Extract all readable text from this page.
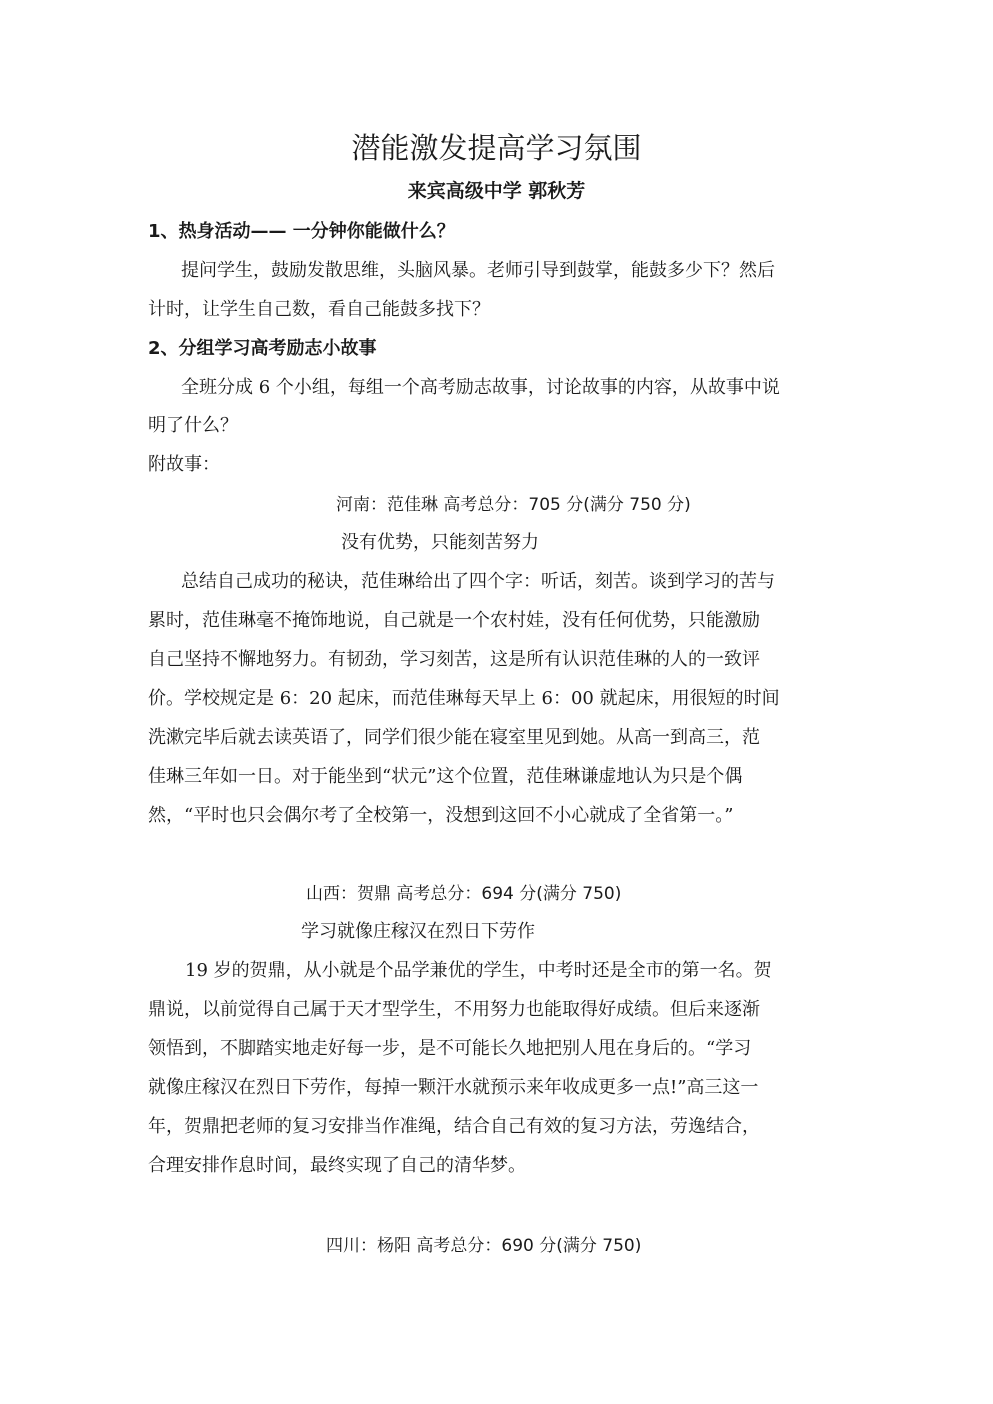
潜能激发提高学习氛围
来宾高级中学 郭秋芳
1、热身活动—— 一分钟你能做什么？
提问学生，鼓励发散思维，头脑风暴。老师引导到鼓掌，能鼓多少下？然后
计时，让学生自己数，看自己能鼓多找下？
2、分组学习高考励志小故事
全班分成 6 个小组，每组一个高考励志故事，讨论故事的内容，从故事中说
明了什么？
附故事：
河南：范佳琳 高考总分：705 分(满分 750 分)
没有优势，只能刻苦努力
总结自己成功的秘诀，范佳琳给出了四个字：听话，刻苦。谈到学习的苦与
累时，范佳琳毫不掩饰地说，自己就是一个农村娃，没有任何优势，只能激励
自己坚持不懈地努力。有韧劲，学习刻苦，这是所有认识范佳琳的人的一致评
价。学校规定是 6：20 起床，而范佳琳每天早上 6：00 就起床，用很短的时间
洗漱完毕后就去读英语了，同学们很少能在寝室里见到她。从高一到高三，范
佳琳三年如一日。对于能坐到“状元”这个位置，范佳琳谦虚地认为只是个偶
然，“平时也只会偶尔考了全校第一，没想到这回不小心就成了全省第一。”
山西：贺鼎 高考总分：694 分(满分 750)
学习就像庄稼汉在烈日下劳作
19 岁的贺鼎，从小就是个品学兼优的学生，中考时还是全市的第一名。贺
鼎说，以前觉得自己属于天才型学生，不用努力也能取得好成绩。但后来逐渐
领悟到，不脚踏实地走好每一步，是不可能长久地把别人甩在身后的。“学习
就像庄稼汉在烈日下劳作，每掉一颗汗水就预示来年收成更多一点!”高三这一
年，贺鼎把老师的复习安排当作准绳，结合自己有效的复习方法，劳逸结合，
合理安排作息时间，最终实现了自己的清华梦。
四川：杨阳 高考总分：690 分(满分 750)
